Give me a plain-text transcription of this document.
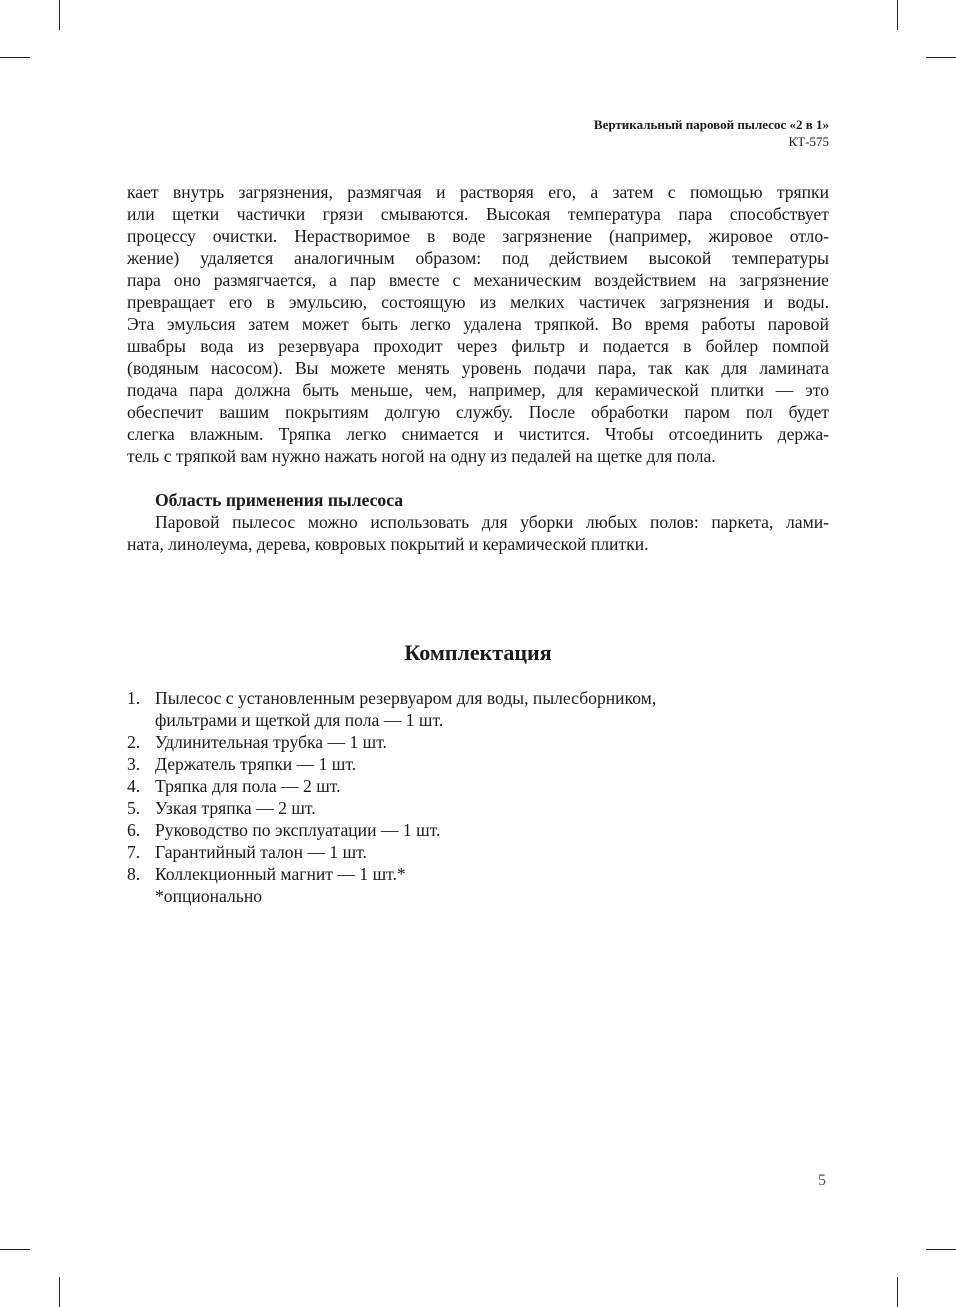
Вертикальный паровой пылесос «2 в 1»
КТ-575
кает внутрь загрязнения, размягчая и растворяя его, а затем с помощью тряпки
или щетки частички грязи смываются. Высокая температура пара способствует
процессу очистки. Нерастворимое в воде загрязнение (например, жировое отло-
жение) удаляется аналогичным образом: под действием высокой температуры
пара оно размягчается, а пар вместе с механическим воздействием на загрязнение
превращает его в эмульсию, состоящую из мелких частичек загрязнения и воды.
Эта эмульсия затем может быть легко удалена тряпкой. Во время работы паровой
швабры вода из резервуара проходит через фильтр и подается в бойлер помпой
(водяным насосом). Вы можете менять уровень подачи пара, так как для ламината
подача пара должна быть меньше, чем, например, для керамической плитки — это
обеспечит вашим покрытиям долгую службу. После обработки паром пол будет
слегка влажным. Тряпка легко снимается и чистится. Чтобы отсоединить держа-
тель с тряпкой вам нужно нажать ногой на одну из педалей на щетке для пола.
Область применения пылесоса
Паровой пылесос можно использовать для уборки любых полов: паркета, лами-
ната, линолеума, дерева, ковровых покрытий и керамической плитки.
Комплектация
1. Пылесос с установленным резервуаром для воды, пылесборником,
фильтрами и щеткой для пола — 1 шт.
2. Удлинительная трубка — 1 шт.
3. Держатель тряпки — 1 шт.
4. Тряпка для пола — 2 шт.
5. Узкая тряпка — 2 шт.
6. Руководство по эксплуатации — 1 шт.
7. Гарантийный талон — 1 шт.
8. Коллекционный магнит — 1 шт.*
*опционально
5
